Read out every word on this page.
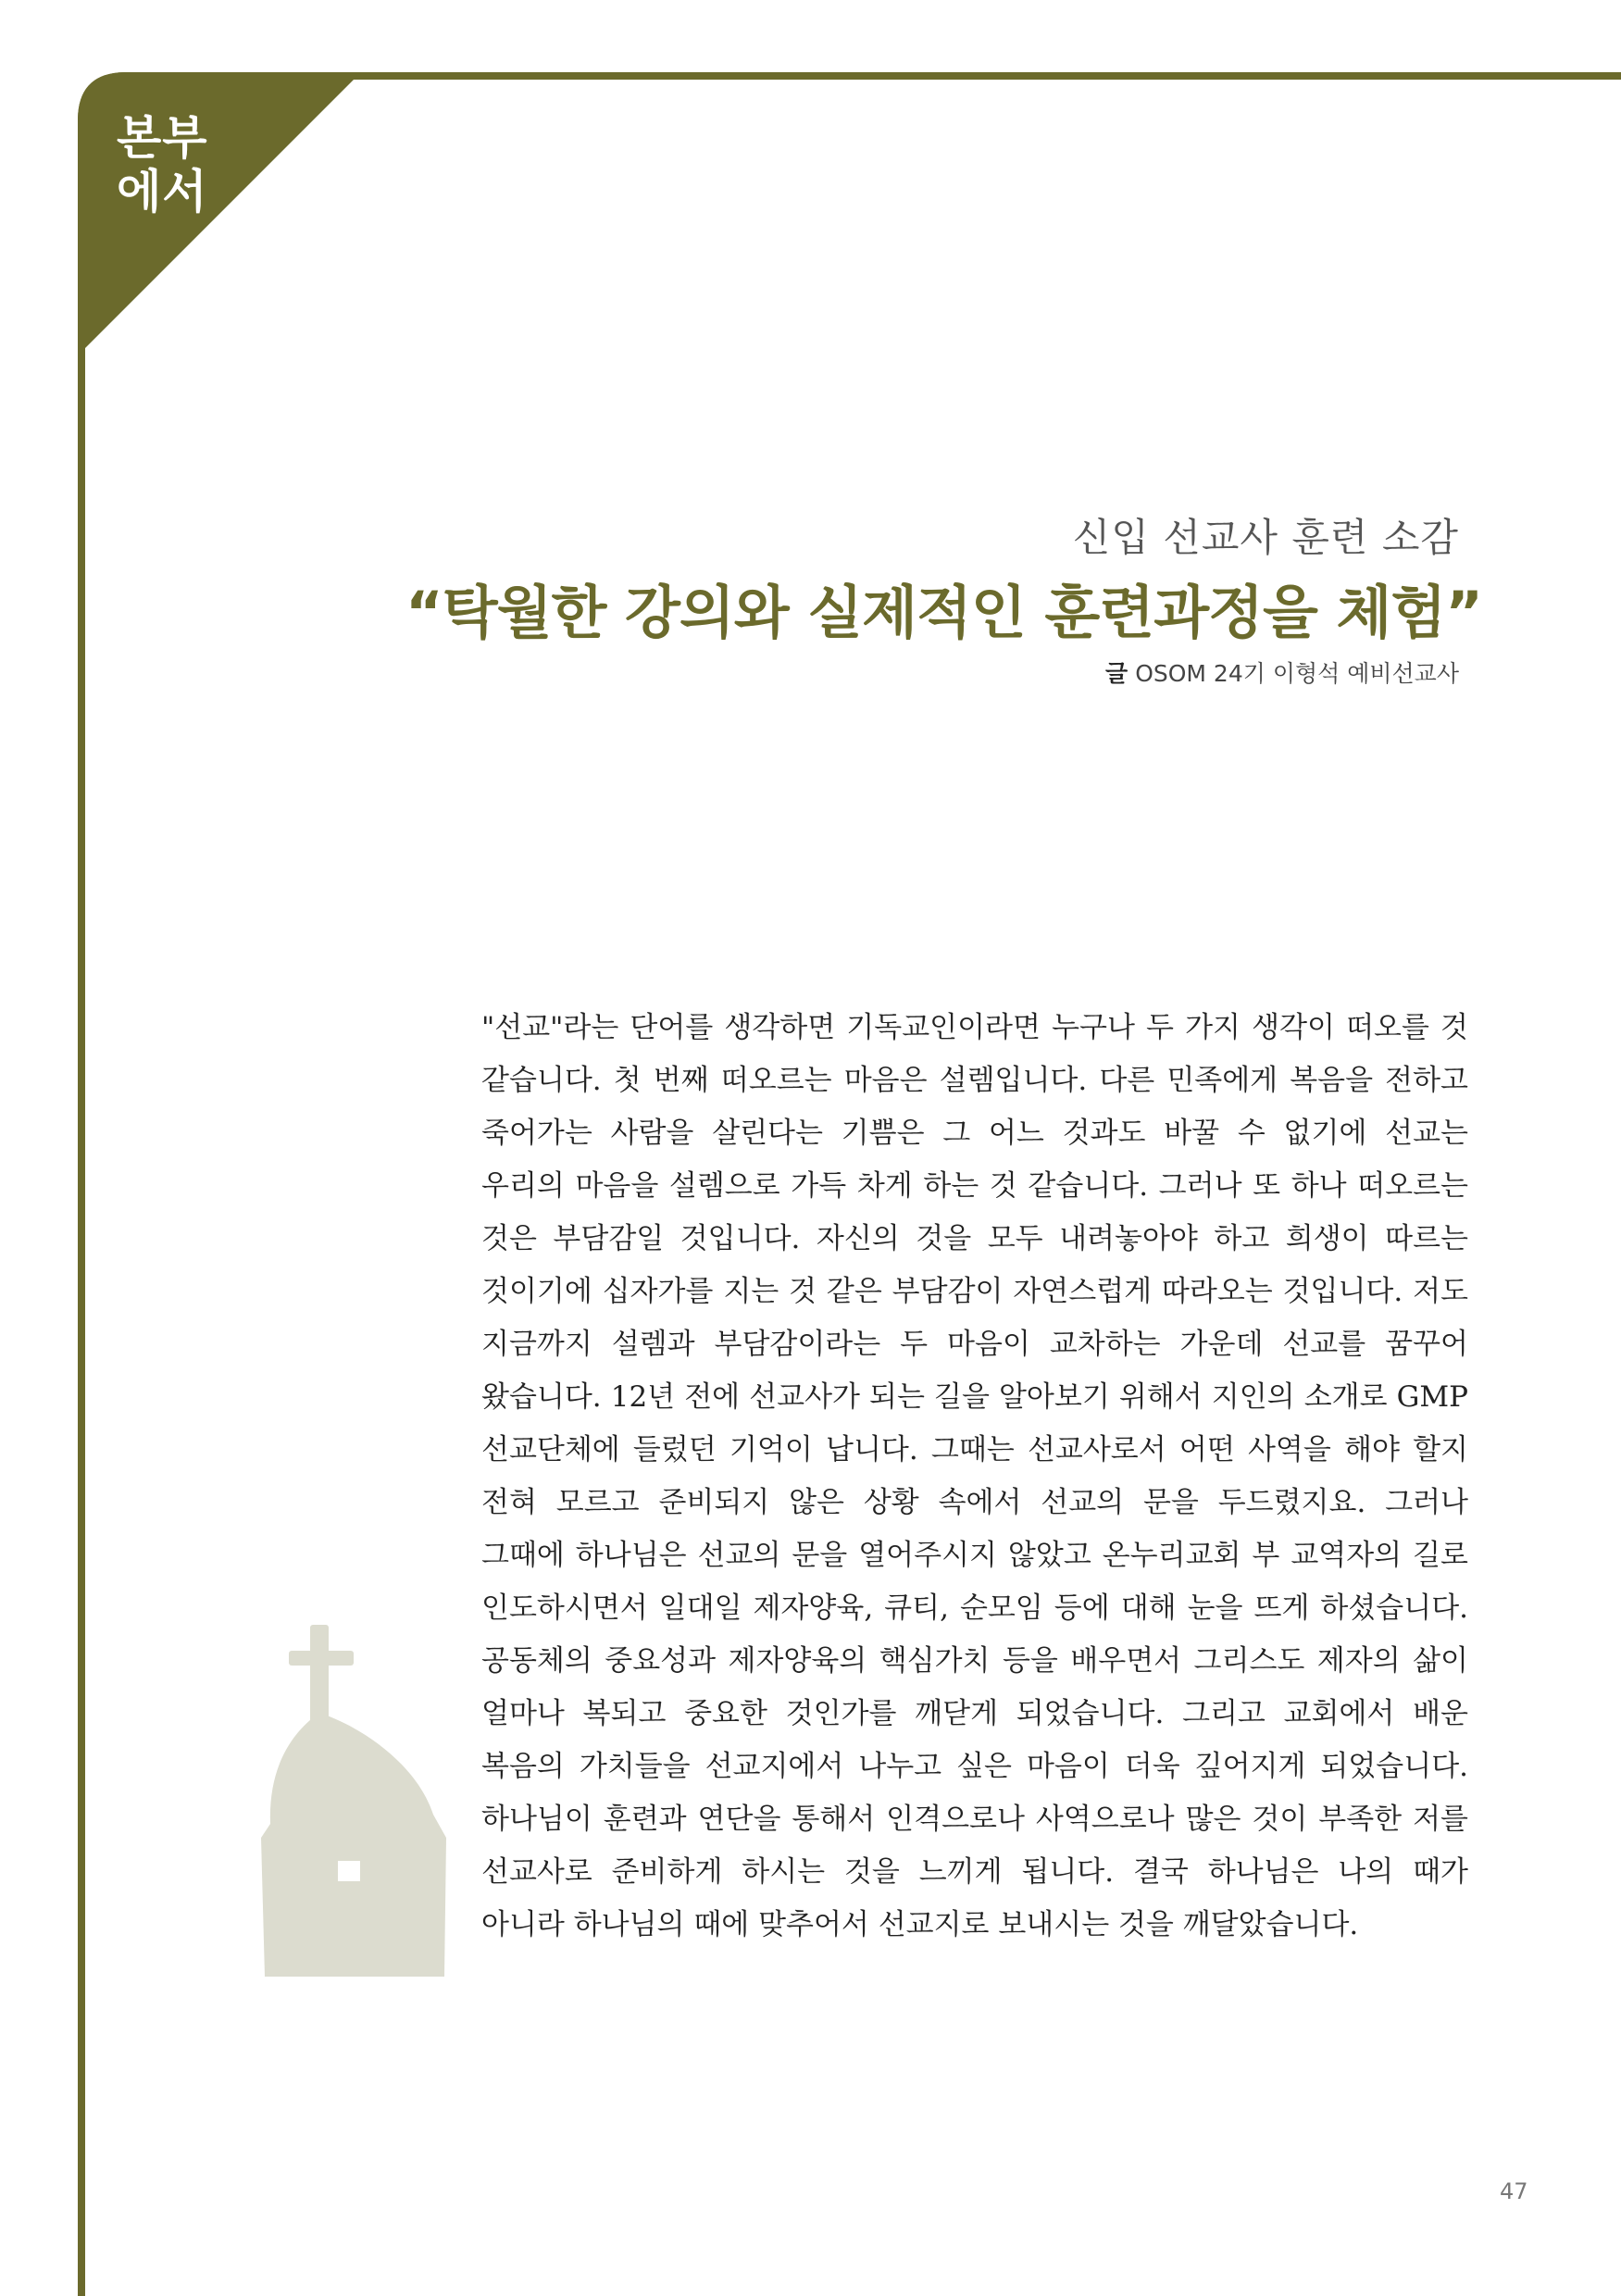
본부
에서
신입 선교사 훈련 소감
“탁월한 강의와 실제적인 훈련과정을 체험”
글 OSOM 24기 이형석 예비선교사

"선교"라는 단어를 생각하면 기독교인이라면 누구나 두 가지 생각이 떠오를 것 같습니다. 첫 번째 떠오르는 마음은 설렘입니다. 다른 민족에게 복음을 전하고 죽어가는 사람을 살린다는 기쁨은 그 어느 것과도 바꿀 수 없기에 선교는 우리의 마음을 설렘으로 가득 차게 하는 것 같습니다. 그러나 또 하나 떠오르는 것은 부담감일 것입니다. 자신의 것을 모두 내려놓아야 하고 희생이 따르는 것이기에 십자가를 지는 것 같은 부담감이 자연스럽게 따라오는 것입니다. 저도 지금까지 설렘과 부담감이라는 두 마음이 교차하는 가운데 선교를 꿈꾸어 왔습니다. 12년 전에 선교사가 되는 길을 알아보기 위해서 지인의 소개로 GMP 선교단체에 들렀던 기억이 납니다. 그때는 선교사로서 어떤 사역을 해야 할지 전혀 모르고 준비되지 않은 상황 속에서 선교의 문을 두드렸지요. 그러나 그때에 하나님은 선교의 문을 열어주시지 않았고 온누리교회 부 교역자의 길로 인도하시면서 일대일 제자양육, 큐티, 순모임 등에 대해 눈을 뜨게 하셨습니다. 공동체의 중요성과 제자양육의 핵심가치 등을 배우면서 그리스도 제자의 삶이 얼마나 복되고 중요한 것인가를 깨닫게 되었습니다. 그리고 교회에서 배운 복음의 가치들을 선교지에서 나누고 싶은 마음이 더욱 깊어지게 되었습니다. 하나님이 훈련과 연단을 통해서 인격으로나 사역으로나 많은 것이 부족한 저를 선교사로 준비하게 하시는 것을 느끼게 됩니다. 결국 하나님은 나의 때가 아니라 하나님의 때에 맞추어서 선교지로 보내시는 것을 깨달았습니다.

47
